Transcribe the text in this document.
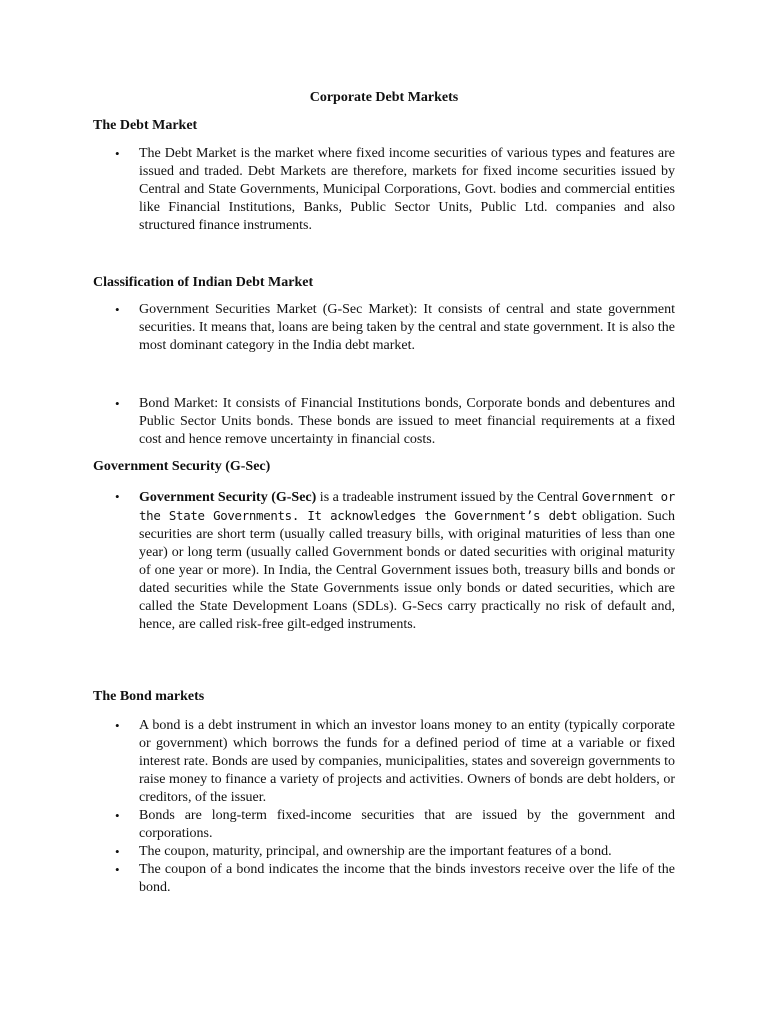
Corporate Debt Markets
The Debt Market
• The Debt Market is the market where fixed income securities of various types and features are issued and traded. Debt Markets are therefore, markets for fixed income securities issued by Central and State Governments, Municipal Corporations, Govt. bodies and commercial entities like Financial Institutions, Banks, Public Sector Units, Public Ltd. companies and also structured finance instruments.
Classification of Indian Debt Market
• Government Securities Market (G-Sec Market): It consists of central and state government securities. It means that, loans are being taken by the central and state government. It is also the most dominant category in the India debt market.
• Bond Market: It consists of Financial Institutions bonds, Corporate bonds and debentures and Public Sector Units bonds. These bonds are issued to meet financial requirements at a fixed cost and hence remove uncertainty in financial costs.
Government Security (G-Sec)
• Government Security (G-Sec) is a tradeable instrument issued by the Central Government or the State Governments. It acknowledges the Government’s debt obligation. Such securities are short term (usually called treasury bills, with original maturities of less than one year) or long term (usually called Government bonds or dated securities with original maturity of one year or more). In India, the Central Government issues both, treasury bills and bonds or dated securities while the State Governments issue only bonds or dated securities, which are called the State Development Loans (SDLs). G-Secs carry practically no risk of default and, hence, are called risk-free gilt-edged instruments.
The Bond markets
• A bond is a debt instrument in which an investor loans money to an entity (typically corporate or government) which borrows the funds for a defined period of time at a variable or fixed interest rate. Bonds are used by companies, municipalities, states and sovereign governments to raise money to finance a variety of projects and activities. Owners of bonds are debt holders, or creditors, of the issuer.
• Bonds are long-term fixed-income securities that are issued by the government and corporations.
• The coupon, maturity, principal, and ownership are the important features of a bond.
• The coupon of a bond indicates the income that the binds investors receive over the life of the bond.
